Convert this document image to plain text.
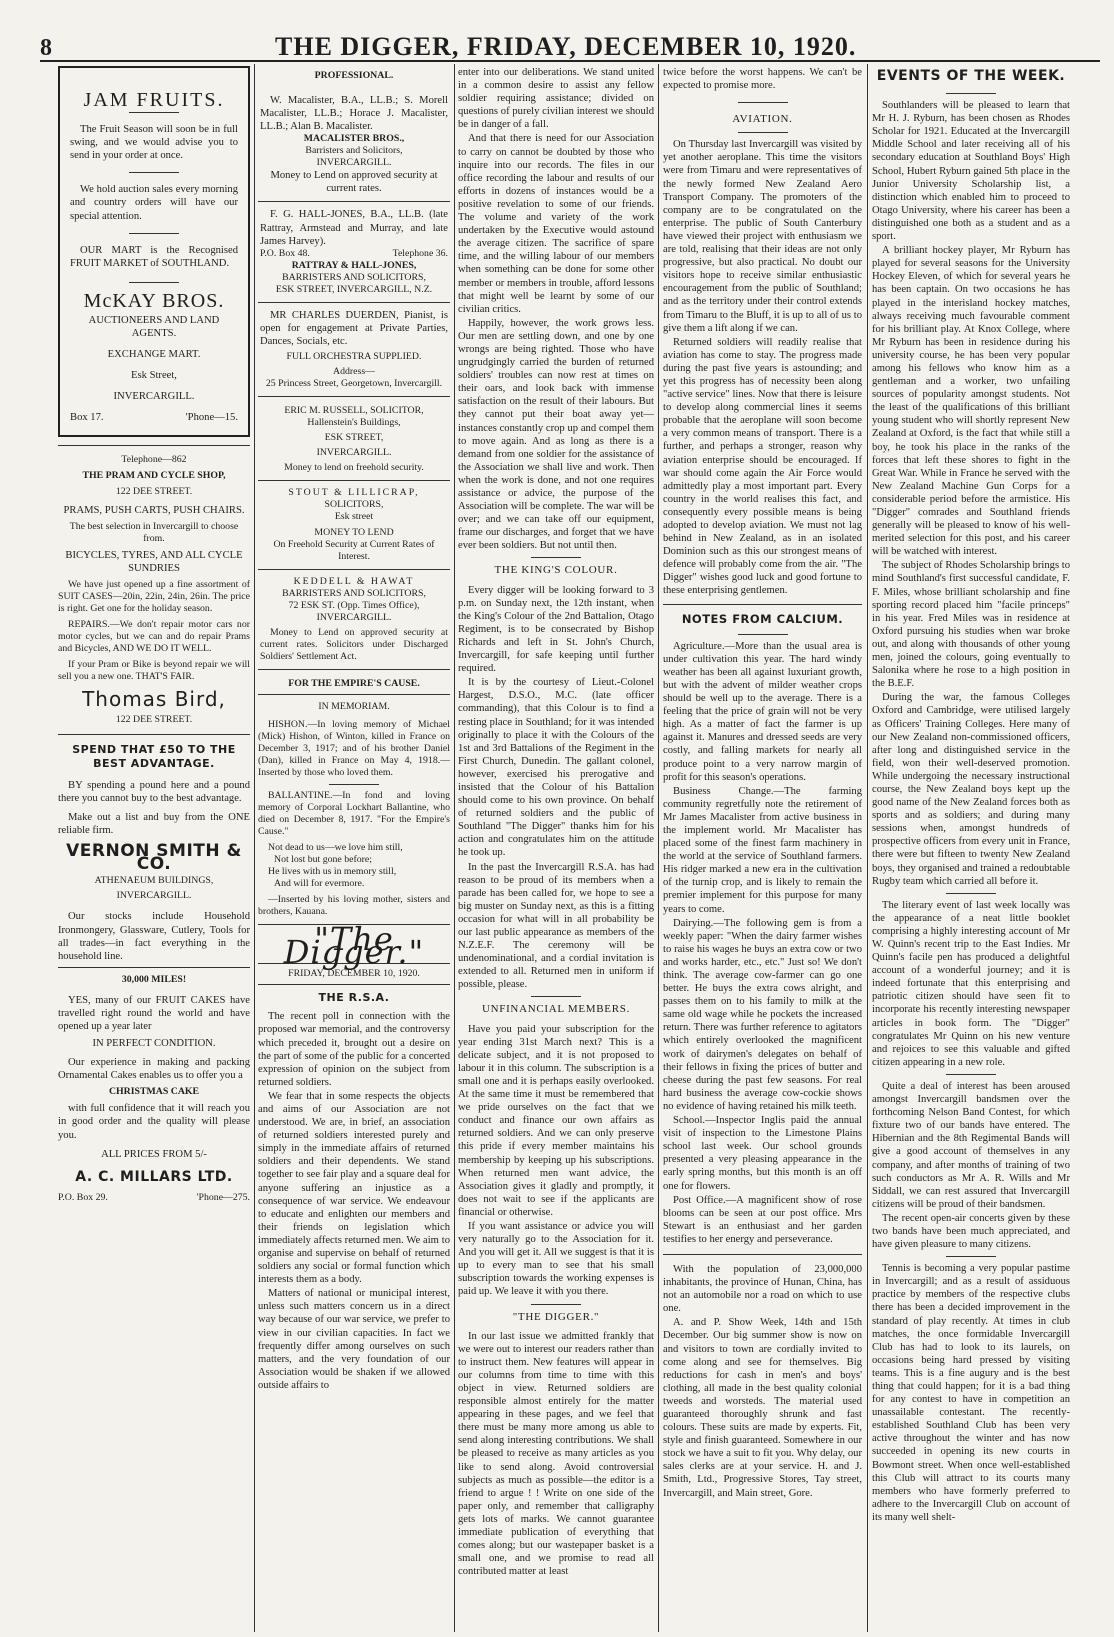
8	THE DIGGER, FRIDAY, DECEMBER 10, 1920.
JAM FRUITS.

The Fruit Season will soon be in full swing, and we would advise you to send in your order at once.

We hold auction sales every morning and country orders will have our special attention.

OUR MART is the Recognised FRUIT MARKET of SOUTHLAND.

McKAY BROS.
AUCTIONEERS AND LAND AGENTS.
EXCHANGE MART.
Esk Street,
INVERCARGILL.
Box 17.	'Phone—15.
Telephone—862
THE PRAM AND CYCLE SHOP,
122 DEE STREET.
PRAMS, PUSH CARTS, PUSH CHAIRS.

The best selection in Invercargill to choose from.

BICYCLES, TYRES, AND ALL CYCLE SUNDRIES

We have just opened up a fine assortment of SUIT CASES—20in, 22in, 24in, 26in. The price is right. Get one for the holiday season.

REPAIRS.—We don't repair motor cars nor motor cycles, but we can and do repair Prams and Bicycles, AND WE DO IT WELL.

If your Pram or Bike is beyond repair we will sell you a new one. THAT'S FAIR.

Thomas Bird,
122 DEE STREET.
SPEND THAT £50 TO THE BEST ADVANTAGE.

BY spending a pound here and a pound there you cannot buy to the best advantage.

Make out a list and buy from the ONE reliable firm.

VERNON SMITH & CO.
ATHENAEUM BUILDINGS,
INVERCARGILL.

Our stocks include Household Ironmongery, Glassware, Cutlery, Tools for all trades—in fact everything in the household line.

30,000 MILES!

YES, many of our FRUIT CAKES have travelled right round the world and have opened up a year later

IN PERFECT CONDITION.

Our experience in making and packing Ornamental Cakes enables us to offer you a

CHRISTMAS CAKE

with full confidence that it will reach you in good order and the quality will please you.

ALL PRICES FROM 5/-
A. C. MILLARS LTD.
P.O. Box 29.	'Phone—275.
PROFESSIONAL.

W. Macalister, B.A., LL.B.; S. Morell Macalister, LL.B.; Horace J. Macalister, LL.B.; Alan B. Macalister.

MACALISTER BROS.,
Barristers and Solicitors,
INVERCARGILL.

Money to Lend on approved security at current rates.

F. G. HALL-JONES, B.A., LL.B. (late Rattray, Armstead and Murray, and late James Harvey).

P.O. Box 48.	Telephone 36.
RATTRAY & HALL-JONES,
BARRISTERS AND SOLICITORS,
ESK STREET, INVERCARGILL, N.Z.

MR CHARLES DUERDEN, Pianist, is open for engagement at Private Parties, Dances, Socials, etc.

FULL ORCHESTRA SUPPLIED.
Address—
25 Princess Street, Georgetown, Invercargill.
ERIC M. RUSSELL, SOLICITOR,
Hallenstein's Buildings,
ESK STREET,
INVERCARGILL.

Money to lend on freehold security.

STOUT & LILLICRAP,
SOLICITORS,
Esk street
MONEY TO LEND

On Freehold Security at Current Rates of Interest.

KEDDELL & HAWAT
BARRISTERS AND SOLICITORS,
72 ESK ST. (Opp. Times Office), INVERCARGILL.

Money to Lend on approved security at current rates. Solicitors under Discharged Soldiers' Settlement Act.

FOR THE EMPIRE'S CAUSE.
IN MEMORIAM.

HISHON.—In loving memory of Michael (Mick) Hishon, of Winton, killed in France on December 3, 1917; and of his brother Daniel (Dan), killed in France on May 4, 1918.—Inserted by those who loved them.

BALLANTINE.—In fond and loving memory of Corporal Lockhart Ballantine, who died on December 8, 1917. "For the Empire's Cause."

Not dead to us—we love him still,
Not lost but gone before;
He lives with us in memory still,
And will for evermore.

—Inserted by his loving mother, sisters and brothers, Kauana.

"The Digger."
FRIDAY, DECEMBER 10, 1920.
THE R.S.A.

The recent poll in connection with the proposed war memorial, and the controversy which preceded it, brought out a desire on the part of some of the public for a concerted expression of opinion on the subject from returned soldiers.

We fear that in some respects the objects and aims of our Association are not understood. We are, in brief, an association of returned soldiers interested purely and simply in the immediate affairs of returned soldiers and their dependents. We stand together to see fair play and a square deal for anyone suffering an injustice as a consequence of war service. We endeavour to educate and enlighten our members and their friends on legislation which immediately affects returned men. We aim to organise and supervise on behalf of returned soldiers any social or formal function which interests them as a body.

Matters of national or municipal interest, unless such matters concern us in a direct way because of our war service, we prefer to view in our civilian capacities. In fact we frequently differ among ourselves on such matters, and the very foundation of our Association would be shaken if we allowed outside affairs to

enter into our deliberations. We stand united in a common desire to assist any fellow soldier requiring assistance; divided on questions of purely civilian interest we should be in danger of a fall.

And that there is need for our Association to carry on cannot be doubted by those who inquire into our records. The files in our office recording the labour and results of our efforts in dozens of instances would be a positive revelation to some of our friends. The volume and variety of the work undertaken by the Executive would astound the average citizen. The sacrifice of spare time, and the willing labour of our members when something can be done for some other member or members in trouble, afford lessons that might well be learnt by some of our civilian critics.

Happily, however, the work grows less. Our men are settling down, and one by one wrongs are being righted. Those who have ungrudgingly carried the burden of returned soldiers' troubles can now rest at times on their oars, and look back with immense satisfaction on the result of their labours. But they cannot put their boat away yet—instances constantly crop up and compel them to move again. And as long as there is a demand from one soldier for the assistance of the Association we shall live and work. Then when the work is done, and not one requires assistance or advice, the purpose of the Association will be complete. The war will be over; and we can take off our equipment, frame our discharges, and forget that we have ever been soldiers. But not until then.

THE KING'S COLOUR.

Every digger will be looking forward to 3 p.m. on Sunday next, the 12th instant, when the King's Colour of the 2nd Battalion, Otago Regiment, is to be consecrated by Bishop Richards and left in St. John's Church, Invercargill, for safe keeping until further required.

It is by the courtesy of Lieut.-Colonel Hargest, D.S.O., M.C. (late officer commanding), that this Colour is to find a resting place in Southland; for it was intended originally to place it with the Colours of the 1st and 3rd Battalions of the Regiment in the First Church, Dunedin. The gallant colonel, however, exercised his prerogative and insisted that the Colour of his Battalion should come to his own province. On behalf of returned soldiers and the public of Southland "The Digger" thanks him for his action and congratulates him on the attitude he took up.

In the past the Invercargill R.S.A. has had reason to be proud of its members when a parade has been called for, we hope to see a big muster on Sunday next, as this is a fitting occasion for what will in all probability be our last public appearance as members of the N.Z.E.F. The ceremony will be undenominational, and a cordial invitation is extended to all. Returned men in uniform if possible, please.

UNFINANCIAL MEMBERS.

Have you paid your subscription for the year ending 31st March next? This is a delicate subject, and it is not proposed to labour it in this column. The subscription is a small one and it is perhaps easily overlooked. At the same time it must be remembered that we pride ourselves on the fact that we conduct and finance our own affairs as returned soldiers. And we can only preserve this pride if every member maintains his membership by keeping up his subscriptions. When returned men want advice, the Association gives it gladly and promptly, it does not wait to see if the applicants are financial or otherwise.

If you want assistance or advice you will very naturally go to the Association for it. And you will get it. All we suggest is that it is up to every man to see that his small subscription towards the working expenses is paid up. We leave it with you there.

"THE DIGGER."

In our last issue we admitted frankly that we were out to interest our readers rather than to instruct them. New features will appear in our columns from time to time with this object in view. Returned soldiers are responsible almost entirely for the matter appearing in these pages, and we feel that there must be many more among us able to send along interesting contributions. We shall be pleased to receive as many articles as you like to send along. Avoid controversial subjects as much as possible—the editor is a friend to argue ! ! Write on one side of the paper only, and remember that calligraphy gets lots of marks. We cannot guarantee immediate publication of everything that comes along; but our wastepaper basket is a small one, and we promise to read all contributed matter at least

twice before the worst happens. We can't be expected to promise more.

AVIATION.

On Thursday last Invercargill was visited by yet another aeroplane. This time the visitors were from Timaru and were representatives of the newly formed New Zealand Aero Transport Company. The promoters of the company are to be congratulated on the enterprise. The public of South Canterbury have viewed their project with enthusiasm we are told, realising that their ideas are not only progressive, but also practical. No doubt our visitors hope to receive similar enthusiastic encouragement from the public of Southland; and as the territory under their control extends from Timaru to the Bluff, it is up to all of us to give them a lift along if we can.

Returned soldiers will readily realise that aviation has come to stay. The progress made during the past five years is astounding; and yet this progress has of necessity been along "active service" lines. Now that there is leisure to develop along commercial lines it seems probable that the aeroplane will soon become a very common means of transport. There is a further, and perhaps a stronger, reason why aviation enterprise should be encouraged. If war should come again the Air Force would admittedly play a most important part. Every country in the world realises this fact, and consequently every possible means is being adopted to develop aviation. We must not lag behind in New Zealand, as in an isolated Dominion such as this our strongest means of defence will probably come from the air. "The Digger" wishes good luck and good fortune to these enterprising gentlemen.

NOTES FROM CALCIUM.

Agriculture.—More than the usual area is under cultivation this year. The hard windy weather has been all against luxuriant growth, but with the advent of milder weather crops should be well up to the average. There is a feeling that the price of grain will not be very high. As a matter of fact the farmer is up against it. Manures and dressed seeds are very costly, and falling markets for nearly all produce point to a very narrow margin of profit for this season's operations.

Business Change.—The farming community regretfully note the retirement of Mr James Macalister from active business in the implement world. Mr Macalister has placed some of the finest farm machinery in the world at the service of Southland farmers. His ridger marked a new era in the cultivation of the turnip crop, and is likely to remain the premier implement for this purpose for many years to come.

Dairying.—The following gem is from a weekly paper: "When the dairy farmer wishes to raise his wages he buys an extra cow or two and works harder, etc., etc." Just so! We don't think. The average cow-farmer can go one better. He buys the extra cows alright, and passes them on to his family to milk at the same old wage while he pockets the increased return. There was further reference to agitators which entirely overlooked the magnificent work of dairymen's delegates on behalf of their fellows in fixing the prices of butter and cheese during the past few seasons. For real hard business the average cow-cockie shows no evidence of having retained his milk teeth.

School.—Inspector Inglis paid the annual visit of inspection to the Limestone Plains school last week. Our school grounds presented a very pleasing appearance in the early spring months, but this month is an off one for flowers.

Post Office.—A magnificent show of rose blooms can be seen at our post office. Mrs Stewart is an enthusiast and her garden testifies to her energy and perseverance.

With the population of 23,000,000 inhabitants, the province of Hunan, China, has not an automobile nor a road on which to use one.

A. and P. Show Week, 14th and 15th December. Our big summer show is now on and visitors to town are cordially invited to come along and see for themselves. Big reductions for cash in men's and boys' clothing, all made in the best quality colonial tweeds and worsteds. The material used guaranteed thoroughly shrunk and fast colours. These suits are made by experts. Fit, style and finish guaranteed. Somewhere in our stock we have a suit to fit you. Why delay, our sales clerks are at your service. H. and J. Smith, Ltd., Progressive Stores, Tay street, Invercargill, and Main street, Gore.

EVENTS OF THE WEEK.

Southlanders will be pleased to learn that Mr H. J. Ryburn, has been chosen as Rhodes Scholar for 1921. Educated at the Invercargill Middle School and later receiving all of his secondary education at Southland Boys' High School, Hubert Ryburn gained 5th place in the Junior University Scholarship list, a distinction which enabled him to proceed to Otago University, where his career has been a distinguished one both as a student and as a sport.

A brilliant hockey player, Mr Ryburn has played for several seasons for the University Hockey Eleven, of which for several years he has been captain. On two occasions he has played in the interisland hockey matches, always receiving much favourable comment for his brilliant play. At Knox College, where Mr Ryburn has been in residence during his university course, he has been very popular among his fellows who know him as a gentleman and a worker, two unfailing sources of popularity amongst students. Not the least of the qualifications of this brilliant young student who will shortly represent New Zealand at Oxford, is the fact that while still a boy, he took his place in the ranks of the forces that left these shores to fight in the Great War. While in France he served with the New Zealand Machine Gun Corps for a considerable period before the armistice. His "Digger" comrades and Southland friends generally will be pleased to know of his well-merited selection for this post, and his career will be watched with interest.

The subject of Rhodes Scholarship brings to mind Southland's first successful candidate, F. F. Miles, whose brilliant scholarship and fine sporting record placed him "facile princeps" in his year. Fred Miles was in residence at Oxford pursuing his studies when war broke out, and along with thousands of other young men, joined the colours, going eventually to Salonika where he rose to a high position in the B.E.F.

During the war, the famous Colleges Oxford and Cambridge, were utilised largely as Officers' Training Colleges. Here many of our New Zealand non-commissioned officers, after long and distinguished service in the field, won their well-deserved promotion. While undergoing the necessary instructional course, the New Zealand boys kept up the good name of the New Zealand forces both as sports and as soldiers; and during many sessions when, amongst hundreds of prospective officers from every unit in France, there were but fifteen to twenty New Zealand boys, they organised and trained a redoubtable Rugby team which carried all before it.

The literary event of last week locally was the appearance of a neat little booklet comprising a highly interesting account of Mr W. Quinn's recent trip to the East Indies. Mr Quinn's facile pen has produced a delightful account of a wonderful journey; and it is indeed fortunate that this enterprising and patriotic citizen should have seen fit to incorporate his recently interesting newspaper articles in book form. The "Digger" congratulates Mr Quinn on his new venture and rejoices to see this valuable and gifted citizen appearing in a new role.

Quite a deal of interest has been aroused amongst Invercargill bandsmen over the forthcoming Nelson Band Contest, for which fixture two of our bands have entered. The Hibernian and the 8th Regimental Bands will give a good account of themselves in any company, and after months of training of two such conductors as Mr A. R. Wills and Mr Siddall, we can rest assured that Invercargill citizens will be proud of their bandsmen.

The recent open-air concerts given by these two bands have been much appreciated, and have given pleasure to many citizens.

Tennis is becoming a very popular pastime in Invercargill; and as a result of assiduous practice by members of the respective clubs there has been a decided improvement in the standard of play recently. At times in club matches, the once formidable Invercargill Club has had to look to its laurels, on occasions being hard pressed by visiting teams. This is a fine augury and is the best thing that could happen; for it is a bad thing for any contest to have in competition an unassailable contestant. The recently-established Southland Club has been very active throughout the winter and has now succeeded in opening its new courts in Bowmont street. When once well-established this Club will attract to its courts many members who have formerly preferred to adhere to the Invercargill Club on account of its many well shelt-
